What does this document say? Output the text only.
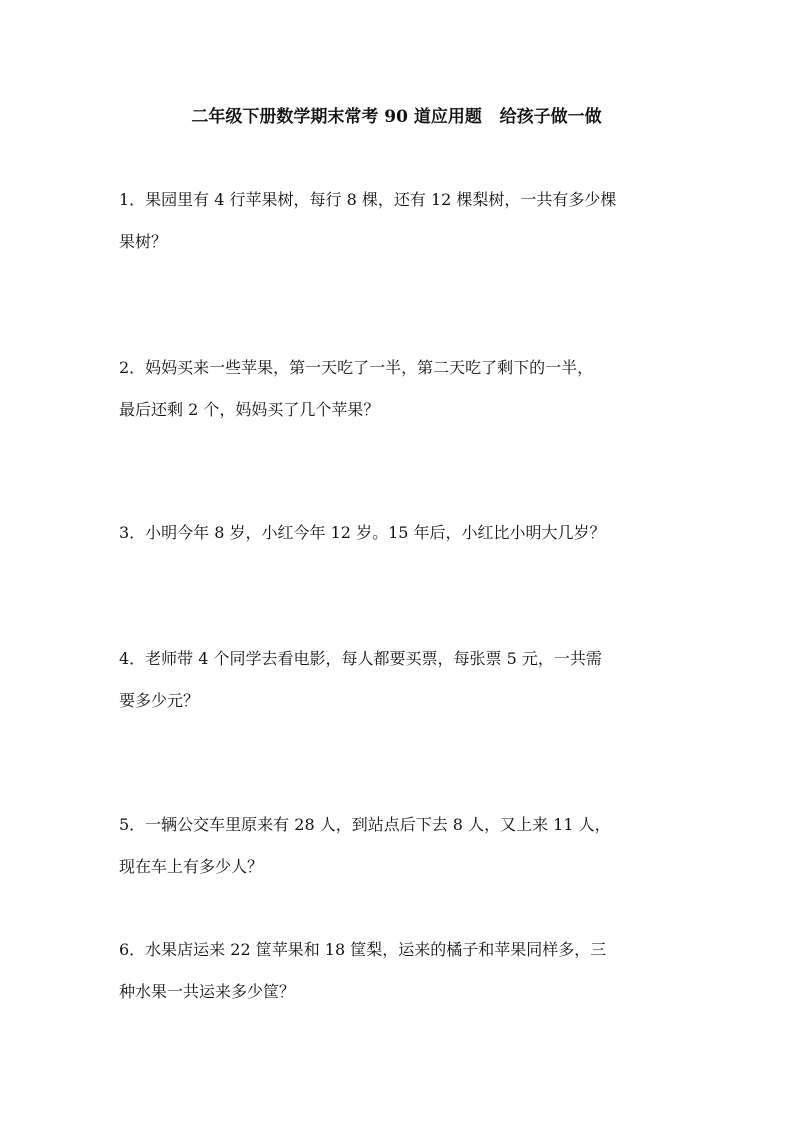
二年级下册数学期末常考 90 道应用题   给孩子做一做
1．果园里有 4 行苹果树，每行 8 棵，还有 12 棵梨树，一共有多少棵
果树？
2．妈妈买来一些苹果，第一天吃了一半，第二天吃了剩下的一半，
最后还剩 2 个，妈妈买了几个苹果？
3．小明今年 8 岁，小红今年 12 岁。15 年后，小红比小明大几岁？
4．老师带 4 个同学去看电影，每人都要买票，每张票 5 元，一共需
要多少元？
5．一辆公交车里原来有 28 人，到站点后下去 8 人，又上来 11 人，
现在车上有多少人？
6．水果店运来 22 筐苹果和 18 筐梨，运来的橘子和苹果同样多，三
种水果一共运来多少筐？
